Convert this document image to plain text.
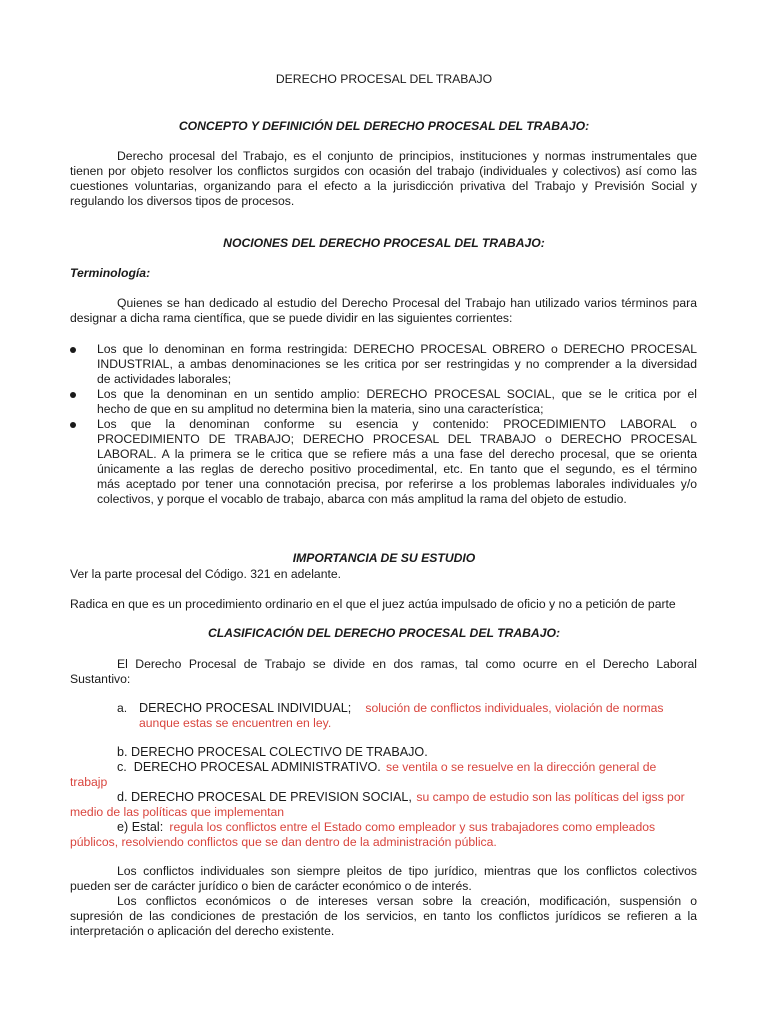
DERECHO PROCESAL DEL TRABAJO
CONCEPTO Y DEFINICIÓN DEL DERECHO PROCESAL DEL TRABAJO:
Derecho procesal del Trabajo, es el conjunto de principios, instituciones y normas instrumentales que
tienen por objeto resolver los conflictos surgidos con ocasión del trabajo (individuales y colectivos) así como las
cuestiones voluntarias, organizando para el efecto a la jurisdicción privativa del Trabajo y Previsión Social y
regulando los diversos tipos de procesos.
NOCIONES DEL DERECHO PROCESAL DEL TRABAJO:
Terminología:
Quienes se han dedicado al estudio del Derecho Procesal del Trabajo han utilizado varios términos para
designar a dicha rama científica, que se puede dividir en las siguientes corrientes:
Los que lo denominan en forma restringida: DERECHO PROCESAL OBRERO o DERECHO PROCESAL
INDUSTRIAL, a ambas denominaciones se les critica por ser restringidas y no comprender a la diversidad
de actividades laborales;
Los que la denominan en un sentido amplio: DERECHO PROCESAL SOCIAL, que se le critica por el
hecho de que en su amplitud no determina bien la materia, sino una característica;
Los que la denominan conforme su esencia y contenido: PROCEDIMIENTO LABORAL o
PROCEDIMIENTO DE TRABAJO; DERECHO PROCESAL DEL TRABAJO o DERECHO PROCESAL
LABORAL. A la primera se le critica que se refiere más a una fase del derecho procesal, que se orienta
únicamente a las reglas de derecho positivo procedimental, etc. En tanto que el segundo, es el término
más aceptado por tener una connotación precisa, por referirse a los problemas laborales individuales y/o
colectivos, y porque el vocablo de trabajo, abarca con más amplitud la rama del objeto de estudio.
IMPORTANCIA DE SU ESTUDIO
Ver la parte procesal del Código. 321 en adelante.
Radica en que es un procedimiento ordinario en el que el juez actúa impulsado de oficio y no a petición de parte
CLASIFICACIÓN DEL DERECHO PROCESAL DEL TRABAJO:
El Derecho Procesal de Trabajo se divide en dos ramas, tal como ocurre en el Derecho Laboral
Sustantivo:
a. DERECHO PROCESAL INDIVIDUAL; solución de conflictos individuales, violación de normas
aunque estas se encuentren en ley.
b. DERECHO PROCESAL COLECTIVO DE TRABAJO.
c.  DERECHO PROCESAL ADMINISTRATIVO. se ventila o se resuelve en la dirección general de
trabajp
d. DERECHO PROCESAL DE PREVISION SOCIAL, su campo de estudio son las políticas del igss por
medio de las políticas que implementan
e) Estal: regula los conflictos entre el Estado como empleador y sus trabajadores como empleados
públicos, resolviendo conflictos que se dan dentro de la administración pública.
Los conflictos individuales son siempre pleitos de tipo jurídico, mientras que los conflictos colectivos
pueden ser de carácter jurídico o bien de carácter económico o de interés.
Los conflictos económicos o de intereses versan sobre la creación, modificación, suspensión o
supresión de las condiciones de prestación de los servicios, en tanto los conflictos jurídicos se refieren a la
interpretación o aplicación del derecho existente.
